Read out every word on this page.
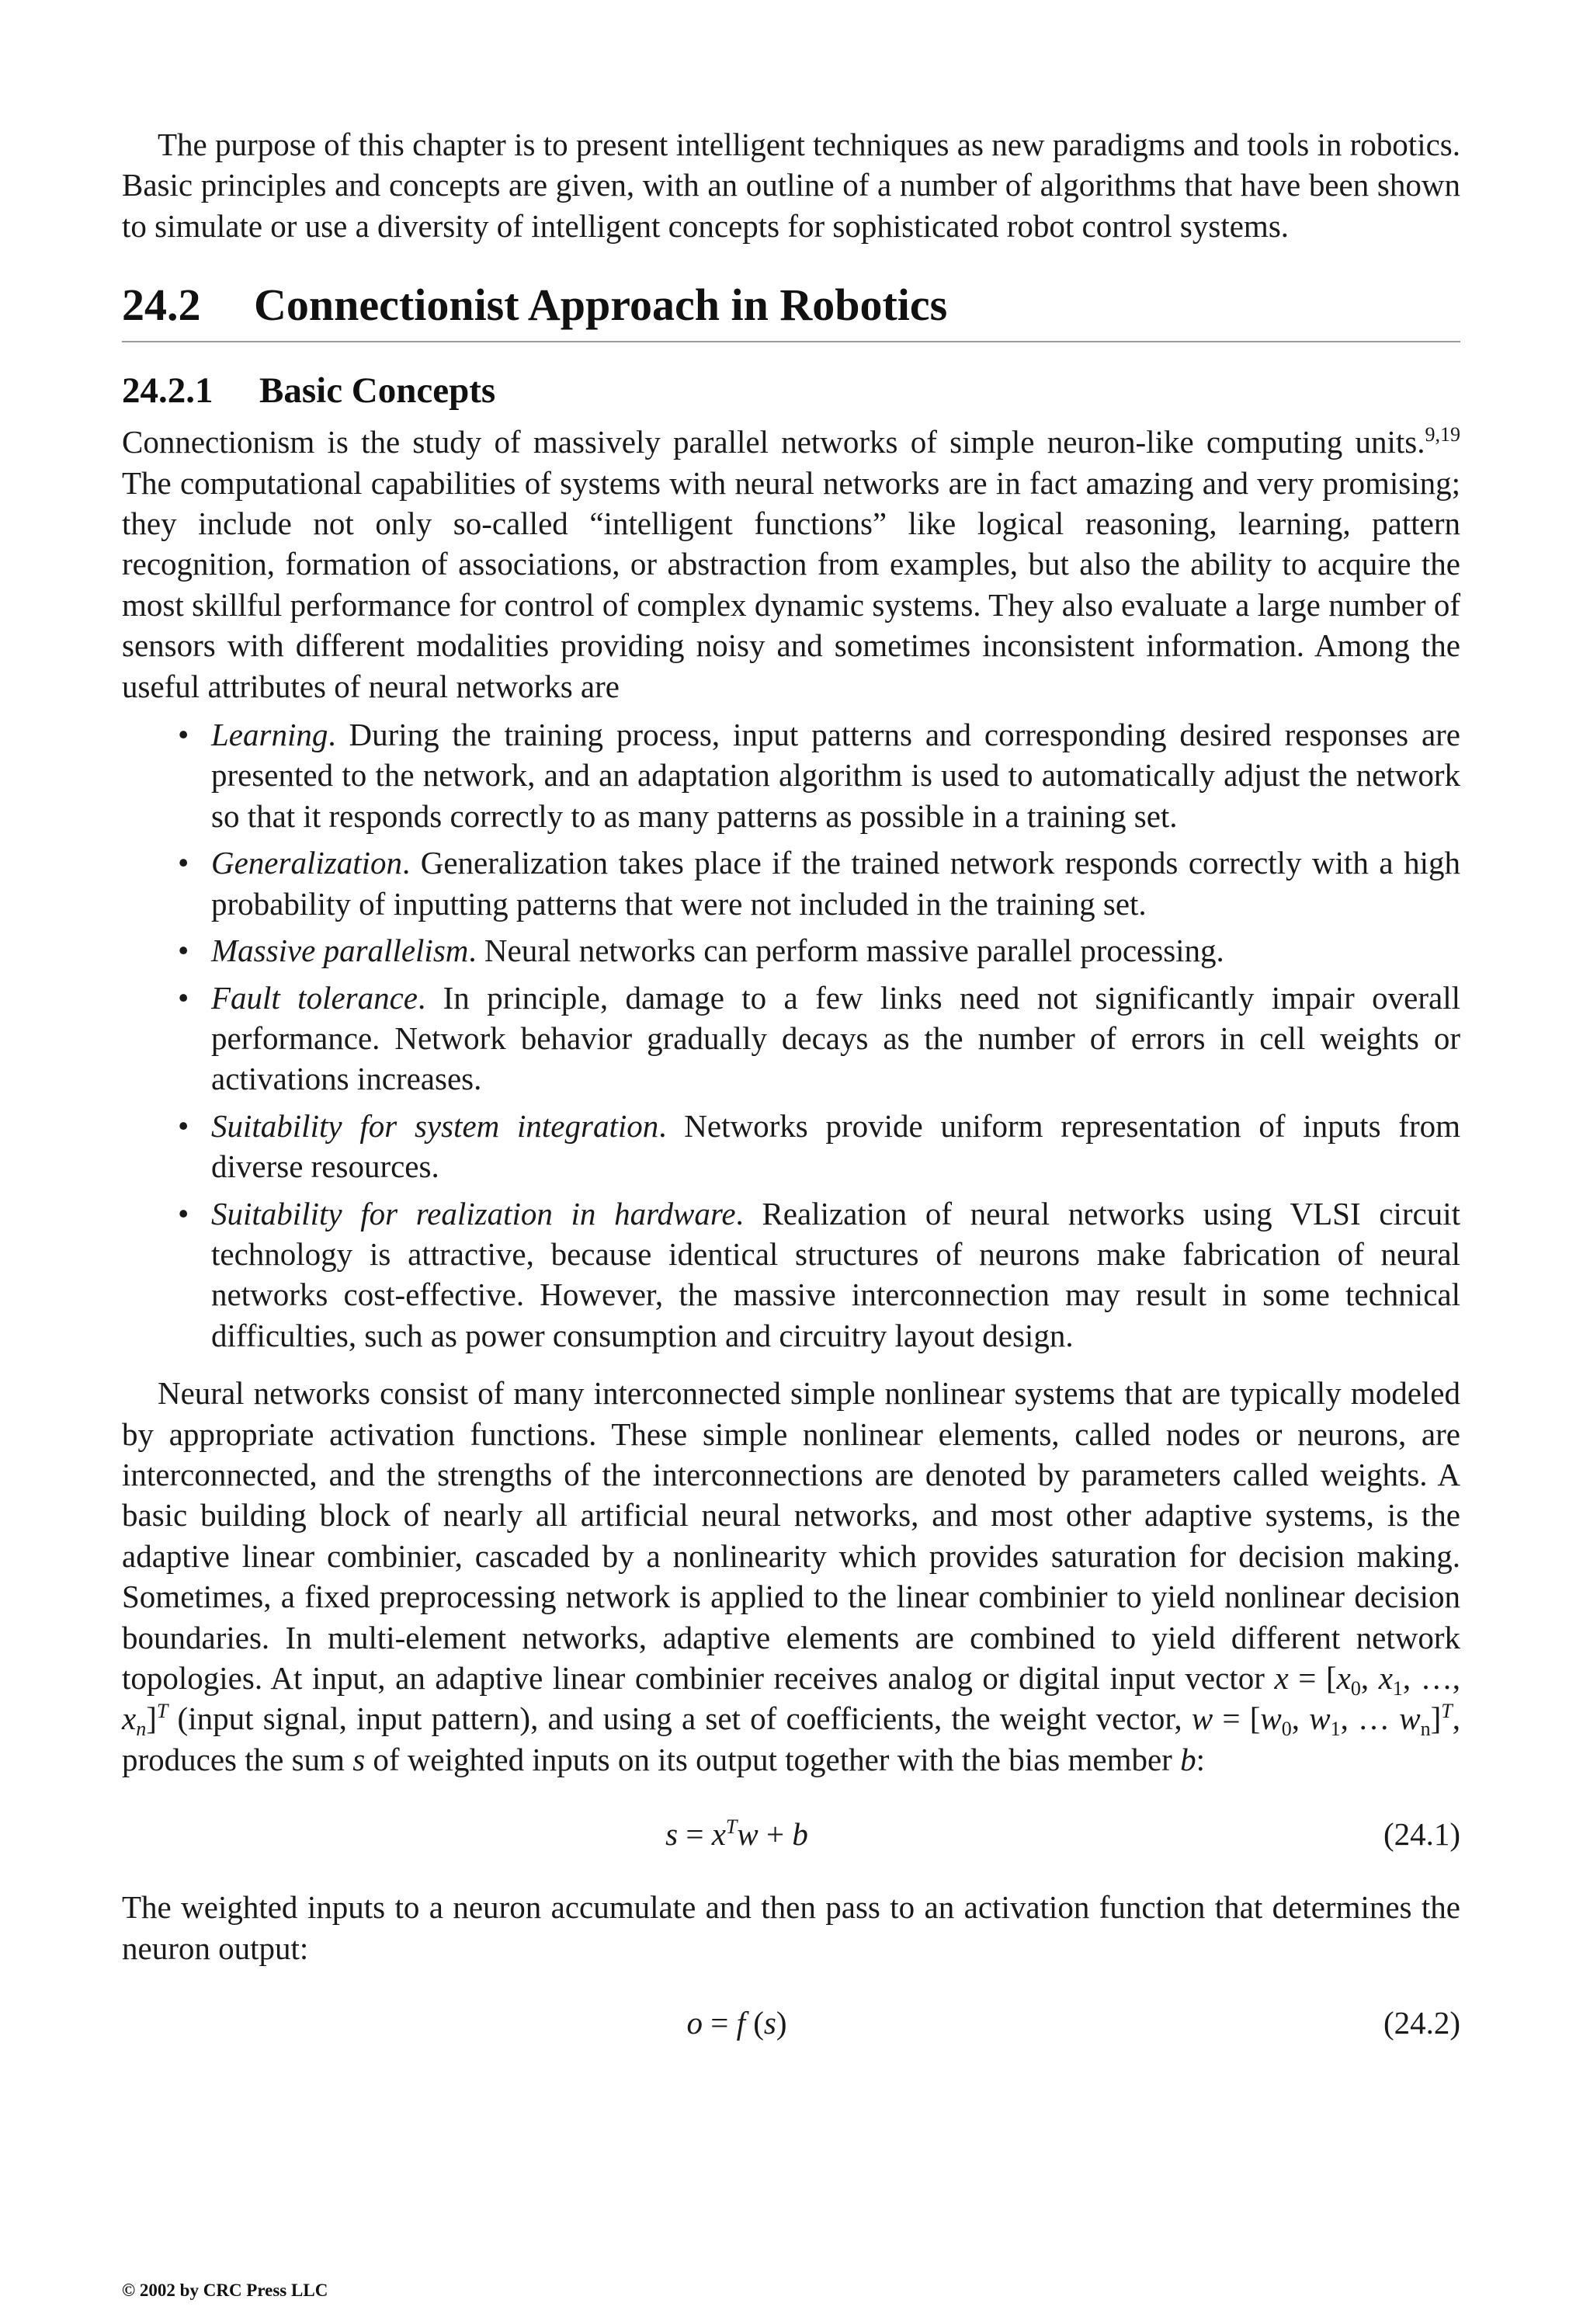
The purpose of this chapter is to present intelligent techniques as new paradigms and tools in robotics. Basic principles and concepts are given, with an outline of a number of algorithms that have been shown to simulate or use a diversity of intelligent concepts for sophisticated robot control systems.

24.2 Connectionist Approach in Robotics
24.2.1 Basic Concepts

Connectionism is the study of massively parallel networks of simple neuron-like computing units.$^{9,19}$ The computational capabilities of systems with neural networks are in fact amazing and very promising; they include not only so-called “intelligent functions” like logical reasoning, learning, pattern recognition, formation of associations, or abstraction from examples, but also the ability to acquire the most skillful performance for control of complex dynamic systems. They also evaluate a large number of sensors with different modalities providing noisy and sometimes inconsistent information. Among the useful attributes of neural networks are

• Learning. During the training process, input patterns and corresponding desired responses are presented to the network, and an adaptation algorithm is used to automatically adjust the network so that it responds correctly to as many patterns as possible in a training set.
• Generalization. Generalization takes place if the trained network responds correctly with a high probability of inputting patterns that were not included in the training set.
• Massive parallelism. Neural networks can perform massive parallel processing.
• Fault tolerance. In principle, damage to a few links need not significantly impair overall performance. Network behavior gradually decays as the number of errors in cell weights or activations increases.
• Suitability for system integration. Networks provide uniform representation of inputs from diverse resources.
• Suitability for realization in hardware. Realization of neural networks using VLSI circuit technology is attractive, because identical structures of neurons make fabrication of neural networks cost-effective. However, the massive interconnection may result in some technical difficulties, such as power consumption and circuitry layout design.

Neural networks consist of many interconnected simple nonlinear systems that are typically modeled by appropriate activation functions. These simple nonlinear elements, called nodes or neurons, are interconnected, and the strengths of the interconnections are denoted by parameters called weights. A basic building block of nearly all artificial neural networks, and most other adaptive systems, is the adaptive linear combinier, cascaded by a nonlinearity which provides saturation for decision making. Sometimes, a fixed preprocessing network is applied to the linear combinier to yield nonlinear decision boundaries. In multi-element networks, adaptive elements are combined to yield different network topologies. At input, an adaptive linear combinier receives analog or digital input vector $x = [x_0$, $x_1$, …, $x_n]^T$ (input signal, input pattern), and using a set of coefficients, the weight vector, $w = [w_0$, $w_1$, … $w_n]^T$, produces the sum s of weighted inputs on its output together with the bias member b:

$s = x^Tw + b$	(24.1)

The weighted inputs to a neuron accumulate and then pass to an activation function that determines the neuron output:

o = f (s)	(24.2)
© 2002 by CRC Press LLC
